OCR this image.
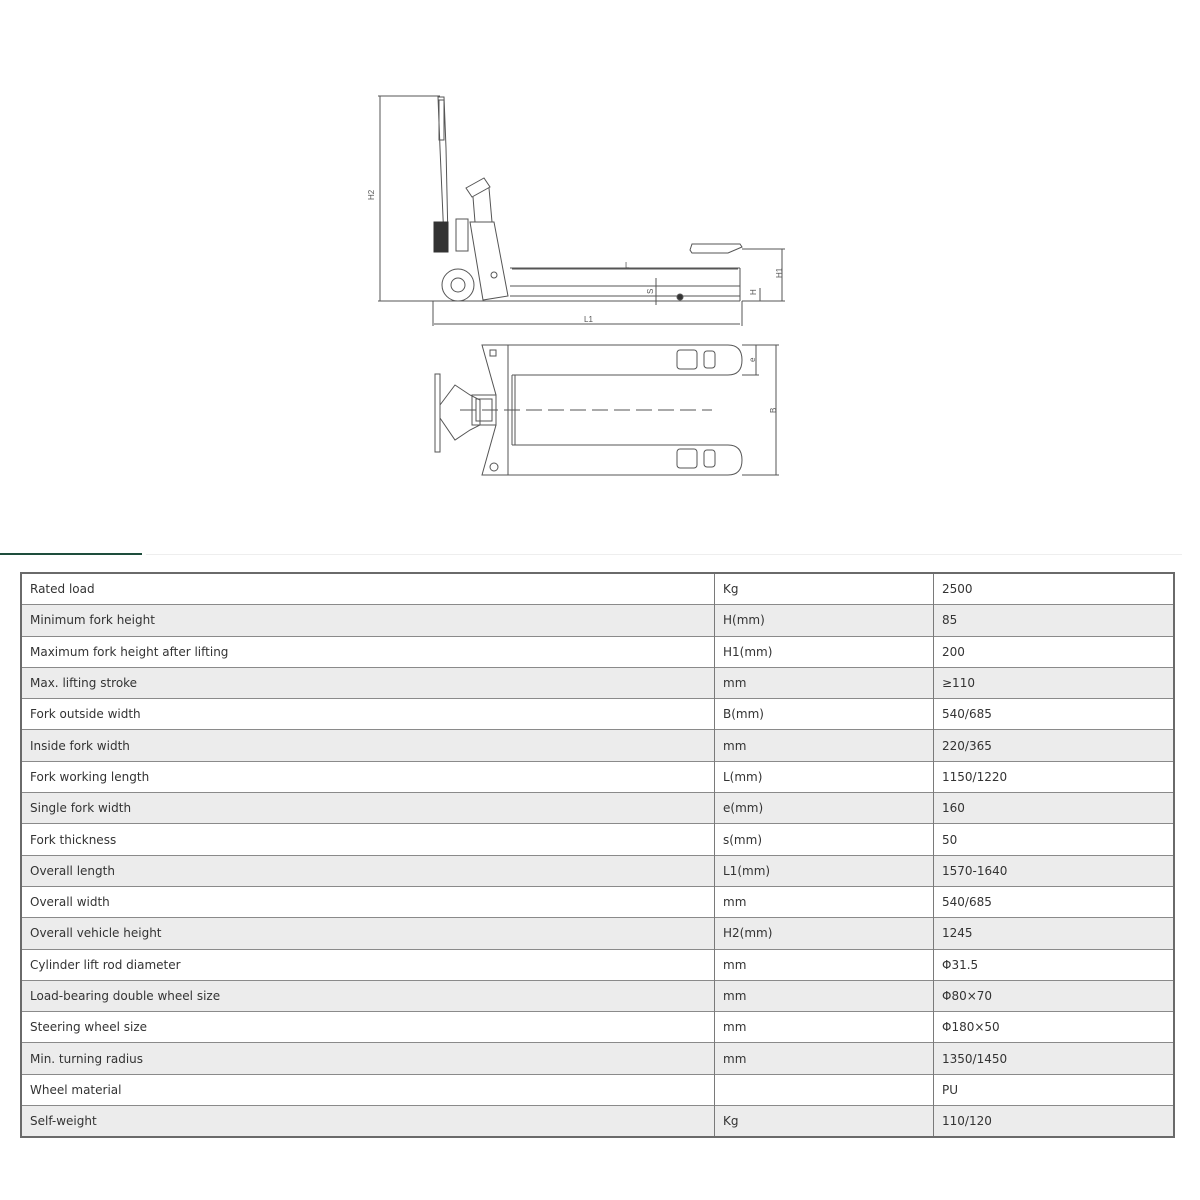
H2
L
H1
H
S
L1
B
e
Rated load	Kg	2500
Minimum fork height	H(mm)	85
Maximum fork height after lifting	H1(mm)	200
Max. lifting stroke	mm	≥110
Fork outside width	B(mm)	540/685
Inside fork width	mm	220/365
Fork working length	L(mm)	1150/1220
Single fork width	e(mm)	160
Fork thickness	s(mm)	50
Overall length	L1(mm)	1570-1640
Overall width	mm	540/685
Overall vehicle height	H2(mm)	1245
Cylinder lift rod diameter	mm	Φ31.5
Load-bearing double wheel size	mm	Φ80×70
Steering wheel size	mm	Φ180×50
Min. turning radius	mm	1350/1450
Wheel material		PU
Self-weight	Kg	110/120
